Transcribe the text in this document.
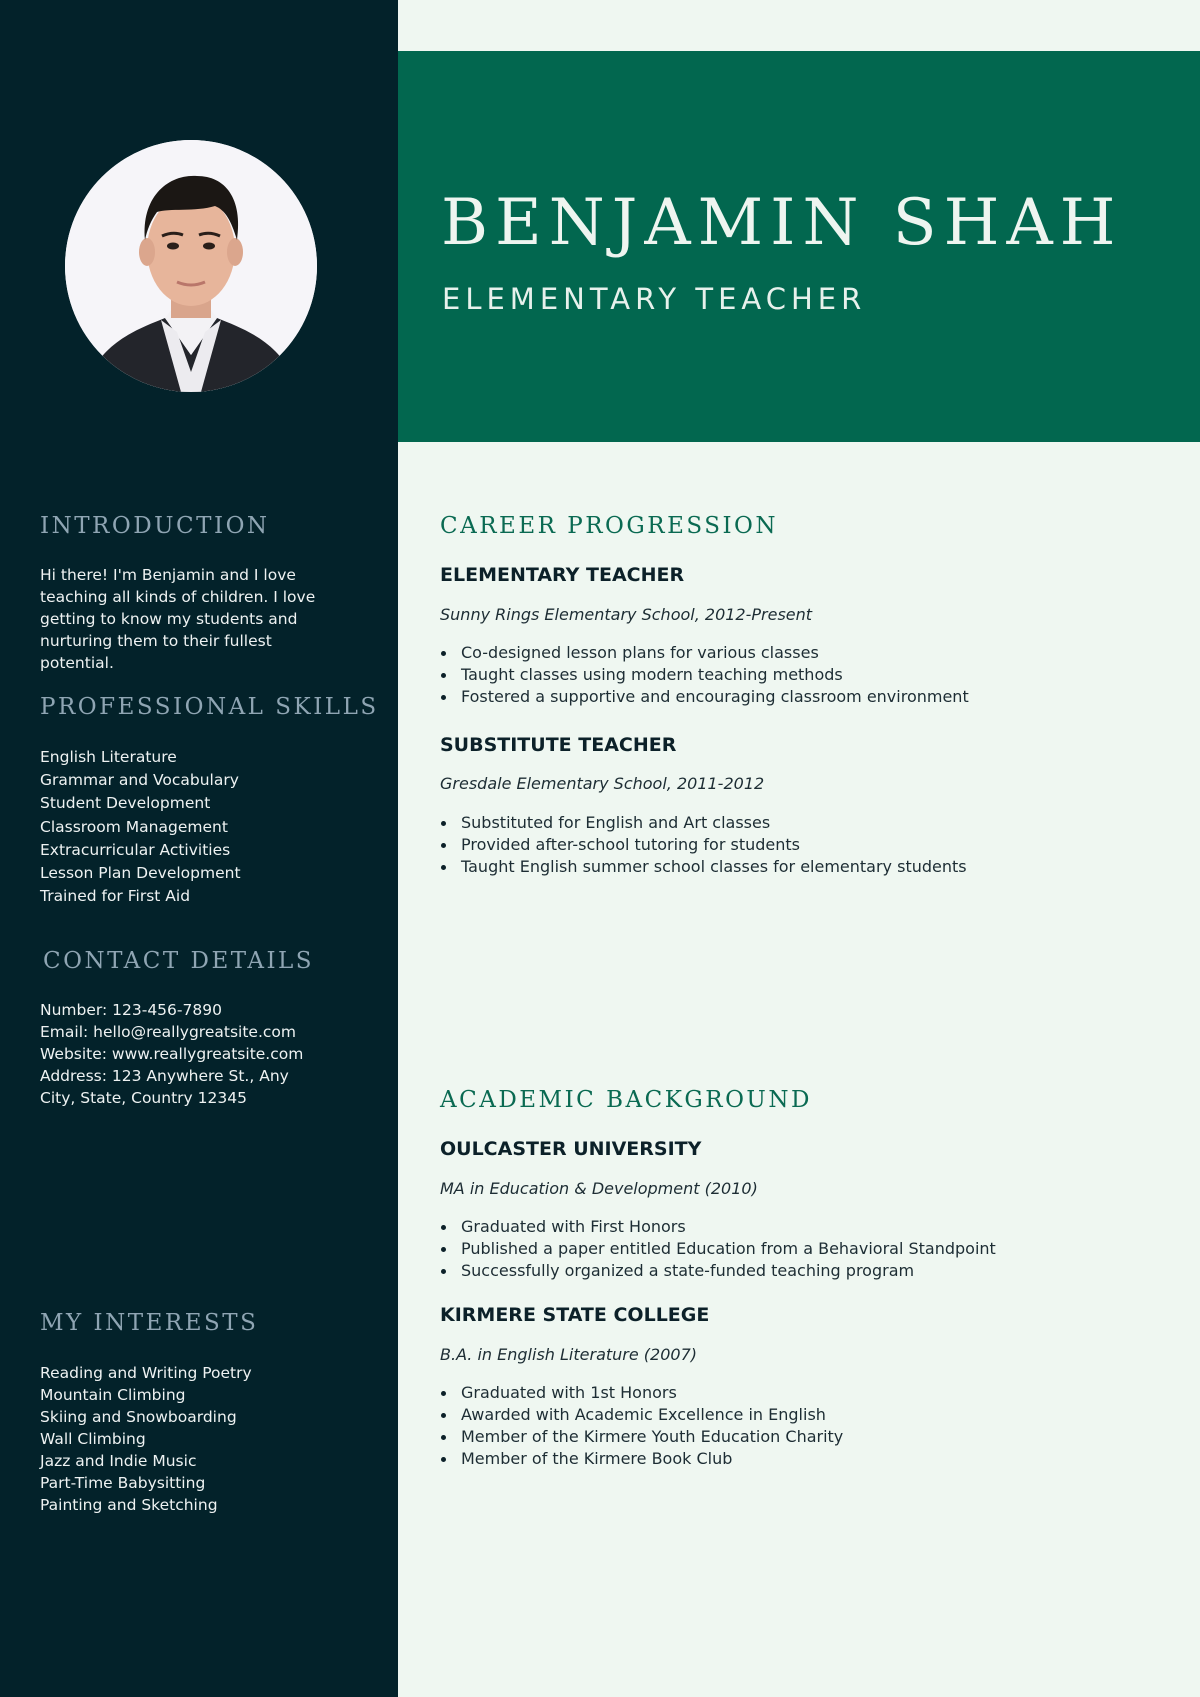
BENJAMIN SHAH
ELEMENTARY TEACHER
INTRODUCTION

Hi there! I'm Benjamin and I love teaching all kinds of children. I love getting to know my students and nurturing them to their fullest potential.

PROFESSIONAL SKILLS
English Literature
Grammar and Vocabulary
Student Development
Classroom Management
Extracurricular Activities
Lesson Plan Development
Trained for First Aid
CONTACT DETAILS
Number: 123-456-7890
Email: hello@reallygreatsite.com
Website: www.reallygreatsite.com
Address: 123 Anywhere St., Any City, State, Country 12345
MY INTERESTS
Reading and Writing Poetry
Mountain Climbing
Skiing and Snowboarding
Wall Climbing
Jazz and Indie Music
Part-Time Babysitting
Painting and Sketching
CAREER PROGRESSION
ELEMENTARY TEACHER

Sunny Rings Elementary School, 2012-Present

Co-designed lesson plans for various classes
Taught classes using modern teaching methods
Fostered a supportive and encouraging classroom environment
SUBSTITUTE TEACHER

Gresdale Elementary School, 2011-2012

Substituted for English and Art classes
Provided after-school tutoring for students
Taught English summer school classes for elementary students
ACADEMIC BACKGROUND
OULCASTER UNIVERSITY

MA in Education & Development (2010)

Graduated with First Honors
Published a paper entitled Education from a Behavioral Standpoint
Successfully organized a state-funded teaching program
KIRMERE STATE COLLEGE

B.A. in English Literature (2007)

Graduated with 1st Honors
Awarded with Academic Excellence in English
Member of the Kirmere Youth Education Charity
Member of the Kirmere Book Club
